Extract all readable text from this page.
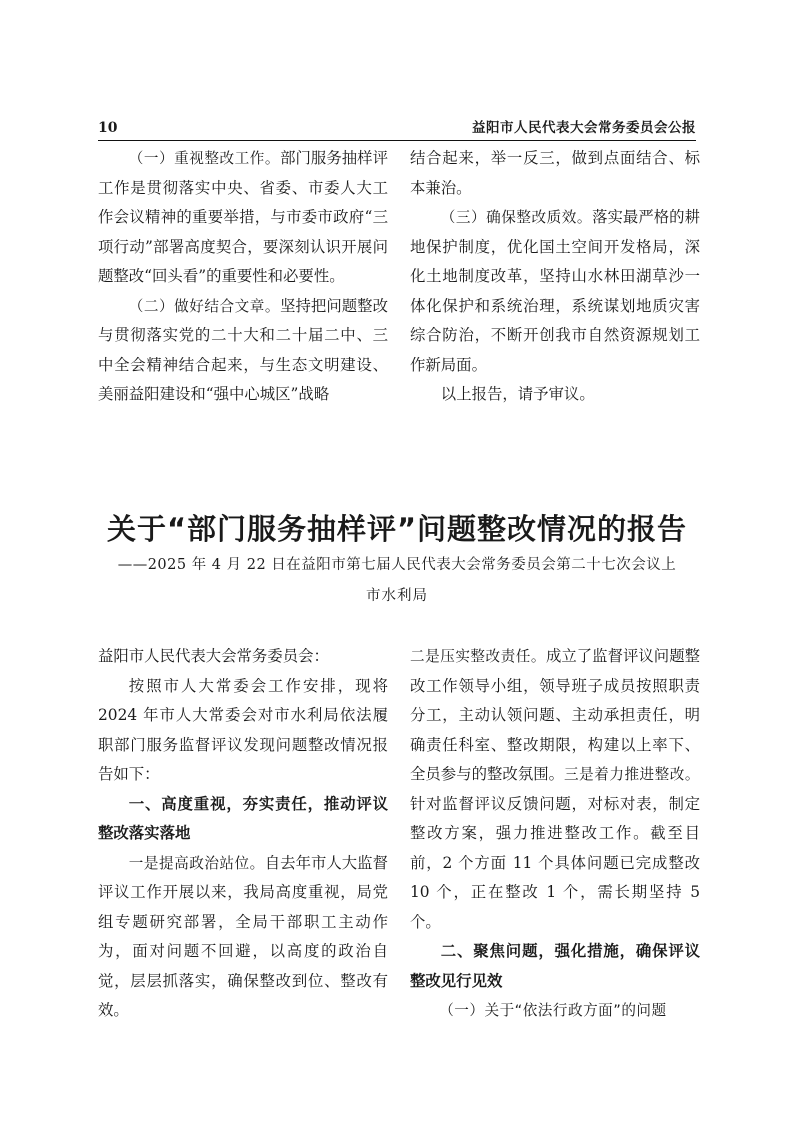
10	益阳市人民代表大会常务委员会公报

（一）重视整改工作。部门服务抽样评工作是贯彻落实中央、省委、市委人大工作会议精神的重要举措，与市委市政府“三项行动”部署高度契合，要深刻认识开展问题整改“回头看”的重要性和必要性。

（二）做好结合文章。坚持把问题整改与贯彻落实党的二十大和二十届二中、三中全会精神结合起来，与生态文明建设、美丽益阳建设和“强中心城区”战略

结合起来，举一反三，做到点面结合、标本兼治。

（三）确保整改质效。落实最严格的耕地保护制度，优化国土空间开发格局，深化土地制度改革，坚持山水林田湖草沙一体化保护和系统治理，系统谋划地质灾害综合防治，不断开创我市自然资源规划工作新局面。

以上报告，请予审议。

关于“部门服务抽样评”问题整改情况的报告
——2025 年 4 月 22 日在益阳市第七届人民代表大会常务委员会第二十七次会议上
市水利局

益阳市人民代表大会常务委员会：

按照市人大常委会工作安排，现将 2024 年市人大常委会对市水利局依法履职部门服务监督评议发现问题整改情况报告如下：

一、高度重视，夯实责任，推动评议整改落实落地

一是提高政治站位。自去年市人大监督评议工作开展以来，我局高度重视，局党组专题研究部署，全局干部职工主动作为，面对问题不回避，以高度的政治自觉，层层抓落实，确保整改到位、整改有效。

二是压实整改责任。成立了监督评议问题整改工作领导小组，领导班子成员按照职责分工，主动认领问题、主动承担责任，明确责任科室、整改期限，构建以上率下、全员参与的整改氛围。三是着力推进整改。针对监督评议反馈问题，对标对表，制定整改方案，强力推进整改工作。截至目前，2 个方面 11 个具体问题已完成整改 10 个，正在整改 1 个，需长期坚持 5 个。

二、聚焦问题，强化措施，确保评议整改见行见效

（一）关于“依法行政方面”的问题
